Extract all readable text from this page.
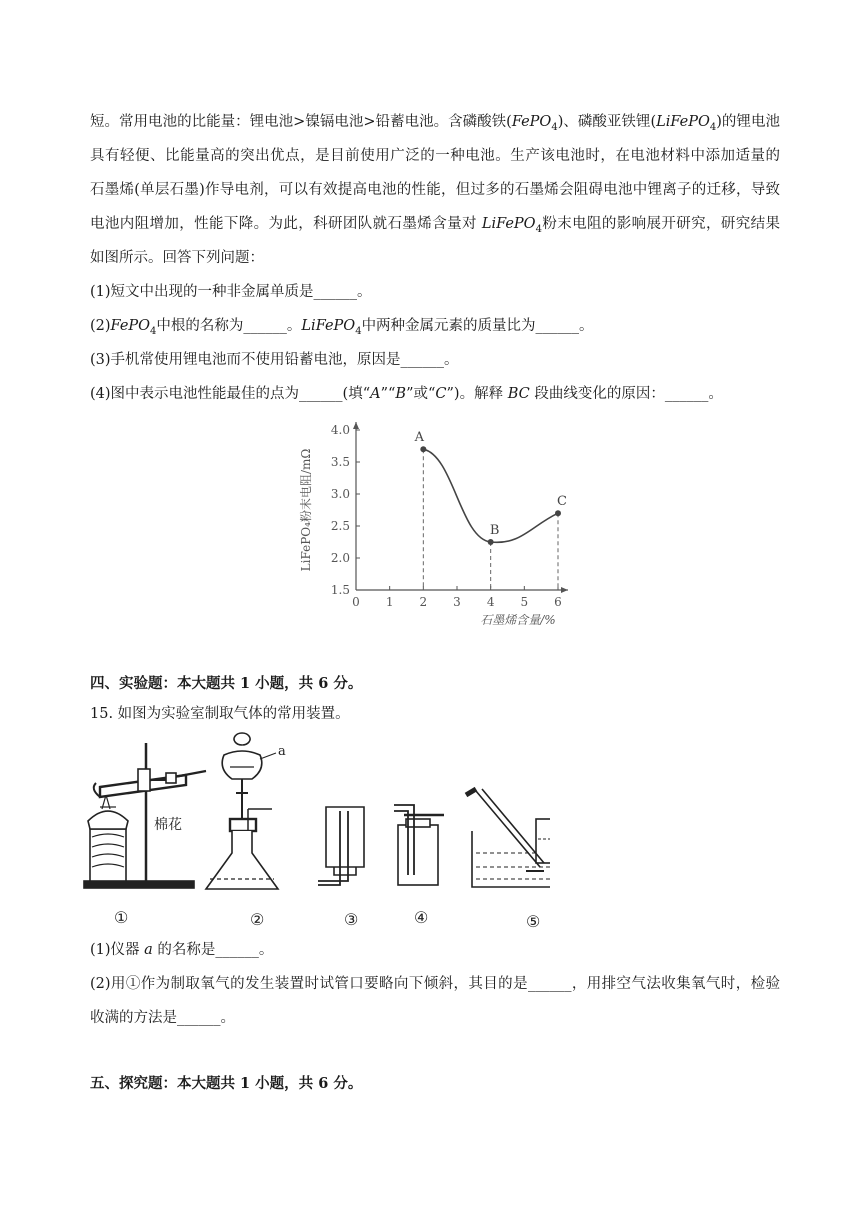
短。常用电池的比能量：锂电池>镍镉电池>铅蓄电池。含磷酸铁(FePO$_4$)、磷酸亚铁锂(LiFePO$_4$)的锂电池
具有轻便、比能量高的突出优点，是目前使用广泛的一种电池。生产该电池时，在电池材料中添加适量的
石墨烯(单层石墨)作导电剂，可以有效提高电池的性能，但过多的石墨烯会阻碍电池中锂离子的迁移，导致
电池内阻增加，性能下降。为此，科研团队就石墨烯含量对 LiFePO$_4$粉末电阻的影响展开研究，研究结果
如图所示。回答下列问题：
(1)短文中出现的一种非金属单质是______。
(2)FePO$_4$中根的名称为______。LiFePO$_4$中两种金属元素的质量比为______。
(3)手机常使用锂电池而不使用铅蓄电池，原因是______。
(4)图中表示电池性能最佳的点为______(填“A”“B”或“C”)。解释 BC 段曲线变化的原因：______。
0 1 2 3 4 5 6
1.5
2.0
2.5
3.0
3.5
4.0
A
B
C
石墨烯含量/%
LiFePO₄粉末电阻/mΩ
四、实验题：本大题共 1 小题，共 6 分。
15. 如图为实验室制取气体的常用装置。
棉花
①
a
②	③	④	⑤
(1)仪器 a 的名称是______。
(2)用①作为制取氧气的发生装置时试管口要略向下倾斜，其目的是______，用排空气法收集氧气时，检验
收满的方法是______。
五、探究题：本大题共 1 小题，共 6 分。
